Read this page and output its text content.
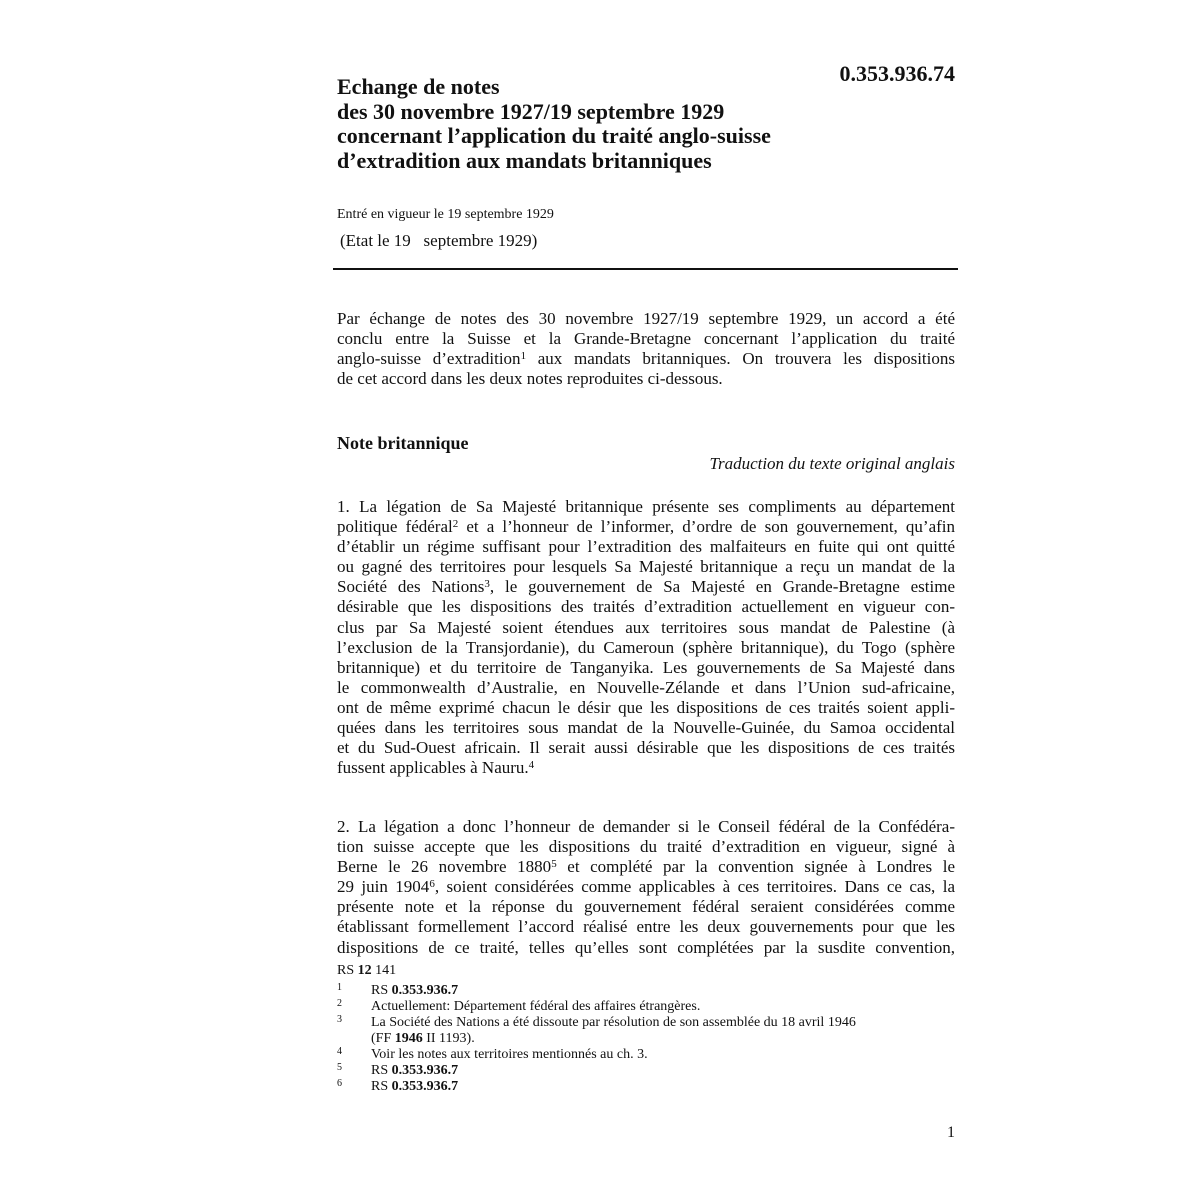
0.353.936.74
Echange de notes
des 30 novembre 1927/19 septembre 1929
concernant l’application du traité anglo-suisse
d’extradition aux mandats britanniques
Entré en vigueur le 19 septembre 1929
(Etat le 19   septembre 1929)

Par échange de notes des 30 novembre 1927/19 septembre 1929, un accord a été
conclu entre la Suisse et la Grande-Bretagne concernant l’application du traité
anglo-suisse d’extradition$^1$ aux mandats britanniques. On trouvera les dispositions
de cet accord dans les deux notes reproduites ci-dessous.

Note britannique
Traduction du texte original anglais

1. La légation de Sa Majesté britannique présente ses compliments au département
politique fédéral$^2$ et a l’honneur de l’informer, d’ordre de son gouvernement, qu’afin
d’établir un régime suffisant pour l’extradition des malfaiteurs en fuite qui ont quitté
ou gagné des territoires pour lesquels Sa Majesté britannique a reçu un mandat de la
Société des Nations$^3$, le gouvernement de Sa Majesté en Grande-Bretagne estime
désirable que les dispositions des traités d’extradition actuellement en vigueur con-
clus par Sa Majesté soient étendues aux territoires sous mandat de Palestine (à
l’exclusion de la Transjordanie), du Cameroun (sphère britannique), du Togo (sphère
britannique) et du territoire de Tanganyika. Les gouvernements de Sa Majesté dans
le commonwealth d’Australie, en Nouvelle-Zélande et dans l’Union sud-africaine,
ont de même exprimé chacun le désir que les dispositions de ces traités soient appli-
quées dans les territoires sous mandat de la Nouvelle-Guinée, du Samoa occidental
et du Sud-Ouest africain. Il serait aussi désirable que les dispositions de ces traités
fussent applicables à Nauru.$^4$

2. La légation a donc l’honneur de demander si le Conseil fédéral de la Confédéra-
tion suisse accepte que les dispositions du traité d’extradition en vigueur, signé à
Berne le 26 novembre 1880$^5$ et complété par la convention signée à Londres le
29 juin 1904$^6$, soient considérées comme applicables à ces territoires. Dans ce cas, la
présente note et la réponse du gouvernement fédéral seraient considérées comme
établissant formellement l’accord réalisé entre les deux gouvernements pour que les
dispositions de ce traité, telles qu’elles sont complétées par la susdite convention,

RS 12 141
1 RS 0.353.936.7
2 Actuellement: Département fédéral des affaires étrangères.
3 La Société des Nations a été dissoute par résolution de son assemblée du 18 avril 1946
(FF 1946 II 1193).
4 Voir les notes aux territoires mentionnés au ch. 3.
5 RS 0.353.936.7
6 RS 0.353.936.7
1
